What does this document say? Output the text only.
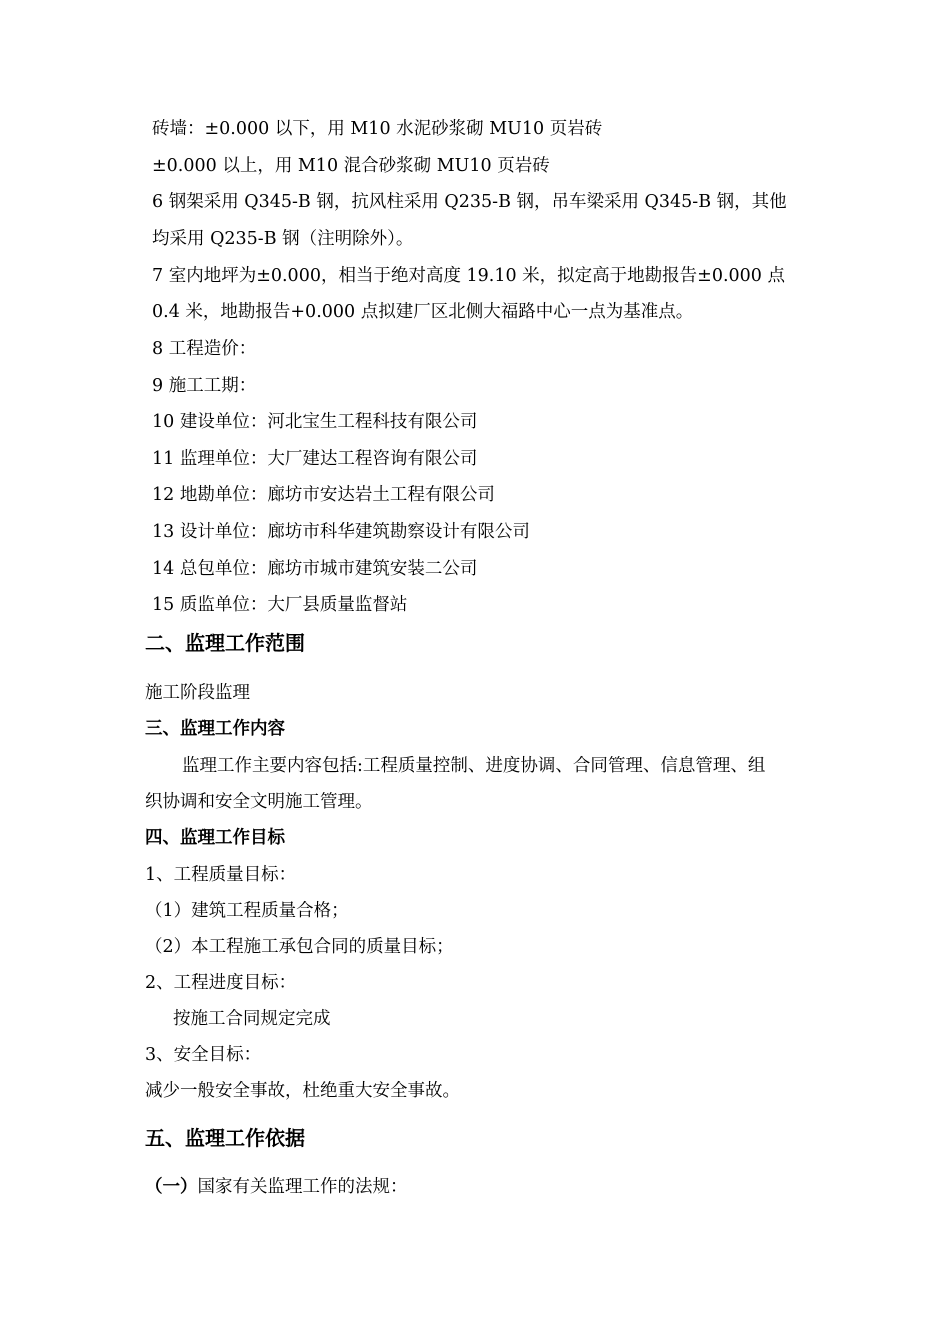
砖墙：±0.000 以下，用 M10 水泥砂浆砌 MU10 页岩砖
±0.000 以上，用 M10 混合砂浆砌 MU10 页岩砖
6 钢架采用 Q345-B 钢，抗风柱采用 Q235-B 钢，吊车梁采用 Q345-B 钢，其他
均采用 Q235-B 钢（注明除外）。
7 室内地坪为±0.000，相当于绝对高度 19.10 米，拟定高于地勘报告±0.000 点
0.4 米，地勘报告+0.000 点拟建厂区北侧大福路中心一点为基准点。
8 工程造价：
9 施工工期：
10 建设单位：河北宝生工程科技有限公司
11 监理单位：大厂建达工程咨询有限公司
12 地勘单位：廊坊市安达岩土工程有限公司
13 设计单位：廊坊市科华建筑勘察设计有限公司
14 总包单位：廊坊市城市建筑安装二公司
15 质监单位：大厂县质量监督站
二、监理工作范围
施工阶段监理
三、监理工作内容
监理工作主要内容包括:工程质量控制、进度协调、合同管理、信息管理、组
织协调和安全文明施工管理。
四、监理工作目标
1、工程质量目标：
（1）建筑工程质量合格；
（2）本工程施工承包合同的质量目标；
2、工程进度目标：
按施工合同规定完成
3、安全目标：
减少一般安全事故，杜绝重大安全事故。
五、监理工作依据
（一）国家有关监理工作的法规：
